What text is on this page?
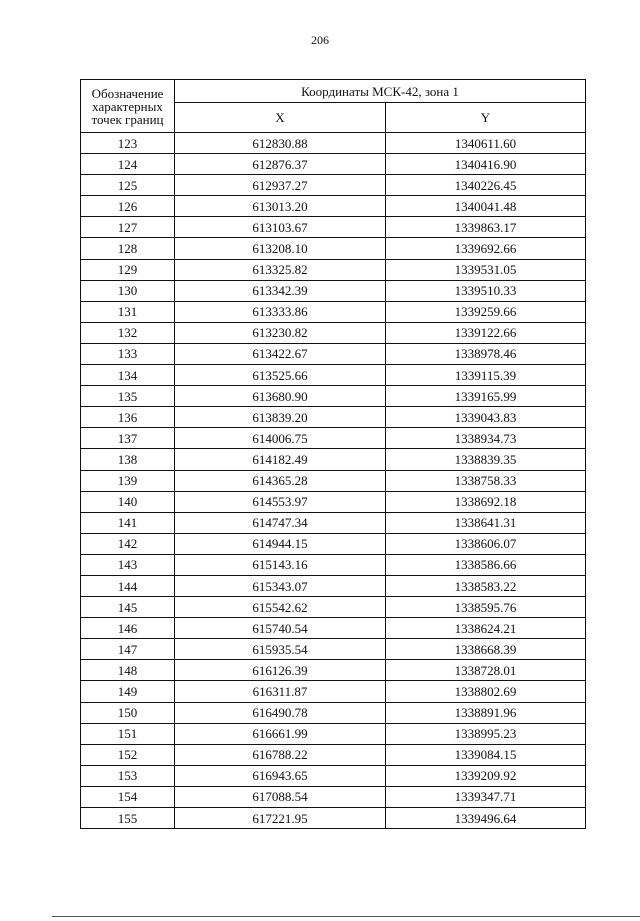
206
Обозначение
характерных
точек границ	Координаты МСК-42, зона 1	
	X	Y
123	612830.88	1340611.60
124	612876.37	1340416.90
125	612937.27	1340226.45
126	613013.20	1340041.48
127	613103.67	1339863.17
128	613208.10	1339692.66
129	613325.82	1339531.05
130	613342.39	1339510.33
131	613333.86	1339259.66
132	613230.82	1339122.66
133	613422.67	1338978.46
134	613525.66	1339115.39
135	613680.90	1339165.99
136	613839.20	1339043.83
137	614006.75	1338934.73
138	614182.49	1338839.35
139	614365.28	1338758.33
140	614553.97	1338692.18
141	614747.34	1338641.31
142	614944.15	1338606.07
143	615143.16	1338586.66
144	615343.07	1338583.22
145	615542.62	1338595.76
146	615740.54	1338624.21
147	615935.54	1338668.39
148	616126.39	1338728.01
149	616311.87	1338802.69
150	616490.78	1338891.96
151	616661.99	1338995.23
152	616788.22	1339084.15
153	616943.65	1339209.92
154	617088.54	1339347.71
155	617221.95	1339496.64
